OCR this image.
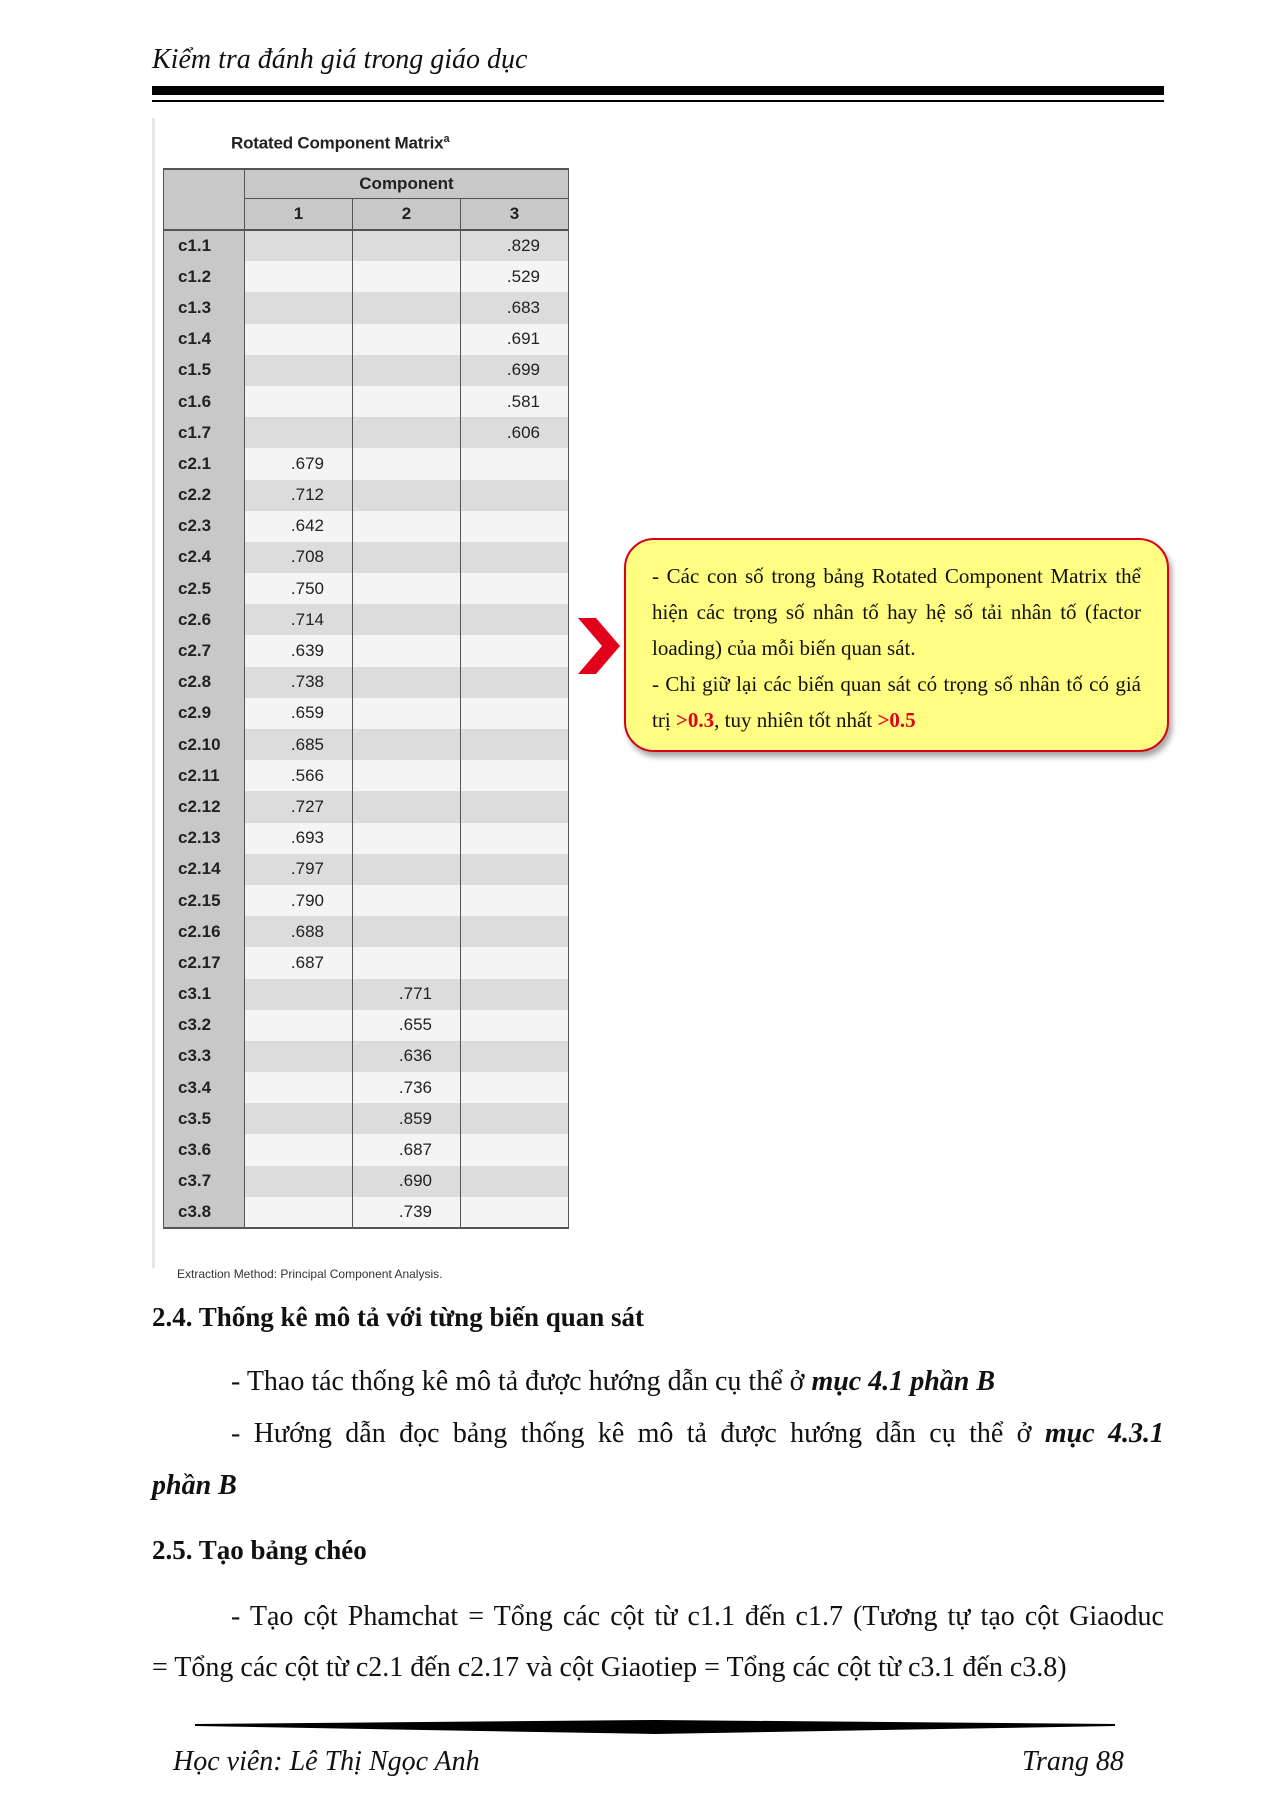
Kiểm tra đánh giá trong giáo dục
Rotated Component Matrix$^a$
	Component		
	1	2	3
c1.1			.829
c1.2			.529
c1.3			.683
c1.4			.691
c1.5			.699
c1.6			.581
c1.7			.606
c2.1	.679		
c2.2	.712		
c2.3	.642		
c2.4	.708		
c2.5	.750		
c2.6	.714		
c2.7	.639		
c2.8	.738		
c2.9	.659		
c2.10	.685		
c2.11	.566		
c2.12	.727		
c2.13	.693		
c2.14	.797		
c2.15	.790		
c2.16	.688		
c2.17	.687		
c3.1		.771	
c3.2		.655	
c3.3		.636	
c3.4		.736	
c3.5		.859	
c3.6		.687	
c3.7		.690	
c3.8		.739	
Extraction Method: Principal Component Analysis.

- Các con số trong bảng Rotated Component Matrix thể hiện các trọng số nhân tố hay hệ số tải nhân tố (factor loading) của mỗi biến quan sát.

- Chỉ giữ lại các biến quan sát có trọng số nhân tố có giá trị >0.3, tuy nhiên tốt nhất >0.5

2.4. Thống kê mô tả với từng biến quan sát
- Thao tác thống kê mô tả được hướng dẫn cụ thể ở mục 4.1 phần B
- Hướng dẫn đọc bảng thống kê mô tả được hướng dẫn cụ thể ở mục 4.3.1
phần B
2.5. Tạo bảng chéo
- Tạo cột Phamchat = Tổng các cột từ c1.1 đến c1.7 (Tương tự tạo cột Giaoduc
= Tổng các cột từ c2.1 đến c2.17 và cột Giaotiep = Tổng các cột từ c3.1 đến c3.8)
Học viên: Lê Thị Ngọc Anh	Trang 88
